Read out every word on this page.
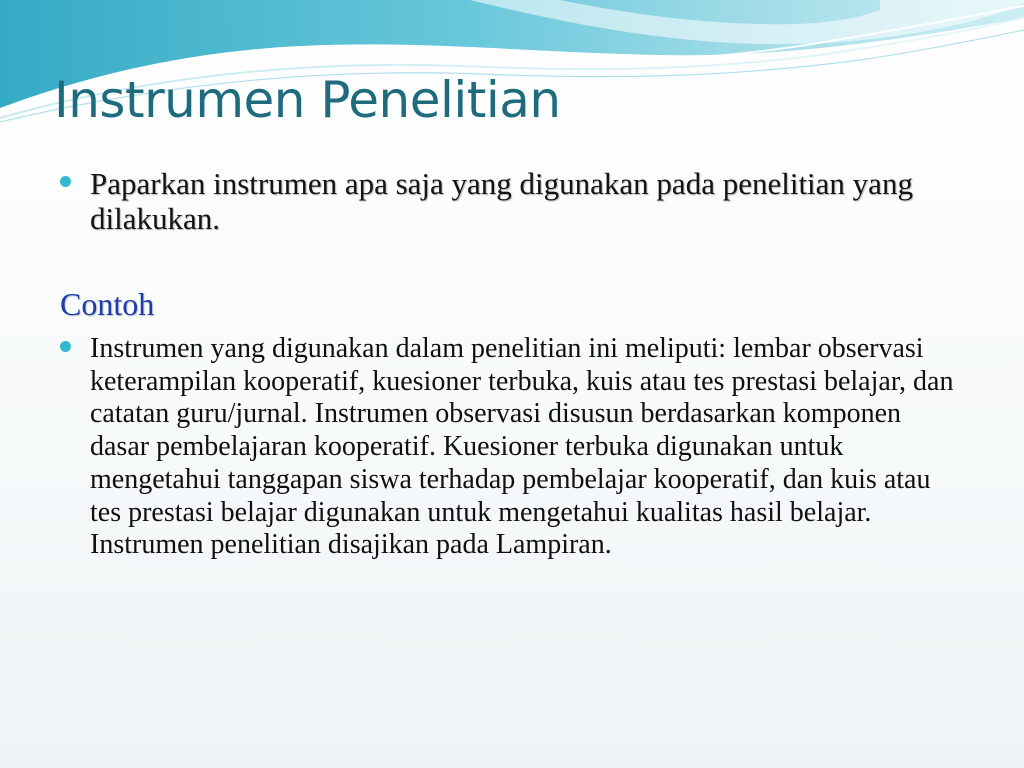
Instrumen Penelitian
Paparkan instrumen apa saja yang digunakan pada penelitian yang dilakukan.
Contoh
Instrumen yang digunakan dalam penelitian ini meliputi: lembar observasi keterampilan kooperatif, kuesioner terbuka, kuis atau tes prestasi belajar, dan catatan guru/jurnal. Instrumen observasi disusun berdasarkan komponen dasar pembelajaran kooperatif. Kuesioner terbuka digunakan untuk mengetahui tanggapan siswa terhadap pembelajar kooperatif, dan kuis atau tes prestasi belajar digunakan untuk mengetahui kualitas hasil belajar. Instrumen penelitian disajikan pada Lampiran.
